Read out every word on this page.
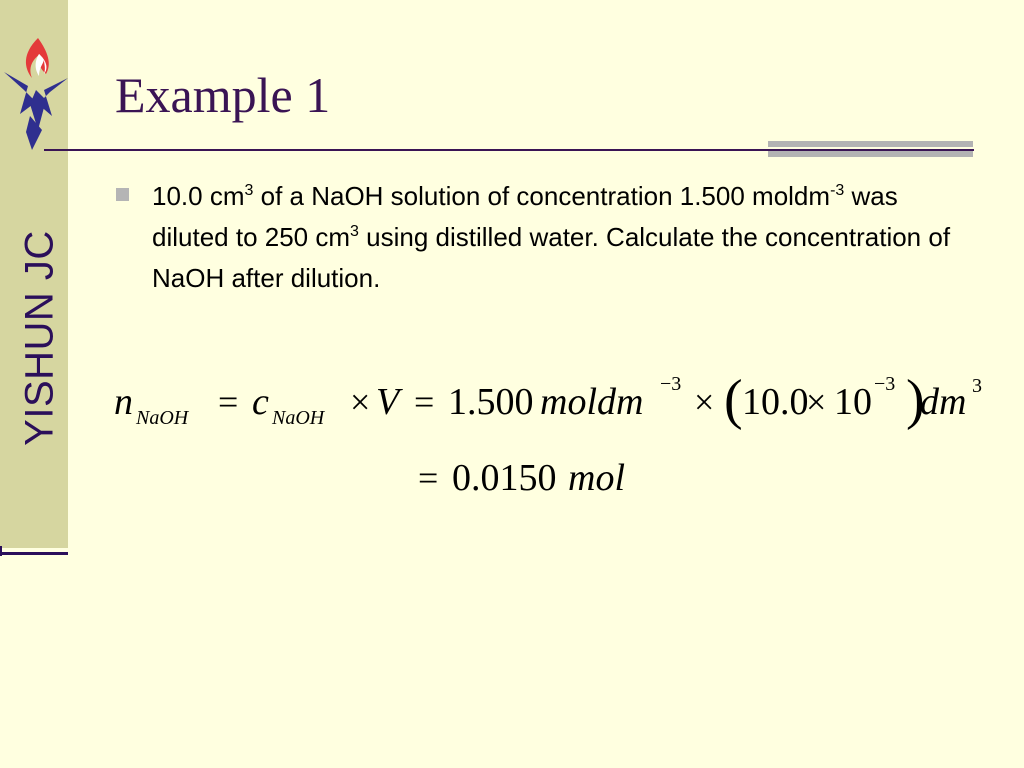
YISHUN JC
Example 1
10.0 $cm^3$ of a NaOH solution of concentration 1.500 moldm$^{-3}$ was diluted to 250 $cm^3$ using distilled water. Calculate the concentration of NaOH after dilution.
n NaOH = c NaOH × V = 1.500 moldm −3 × ( 10.0
× 10 −3 )
dm 3
= 0.0150 mol
